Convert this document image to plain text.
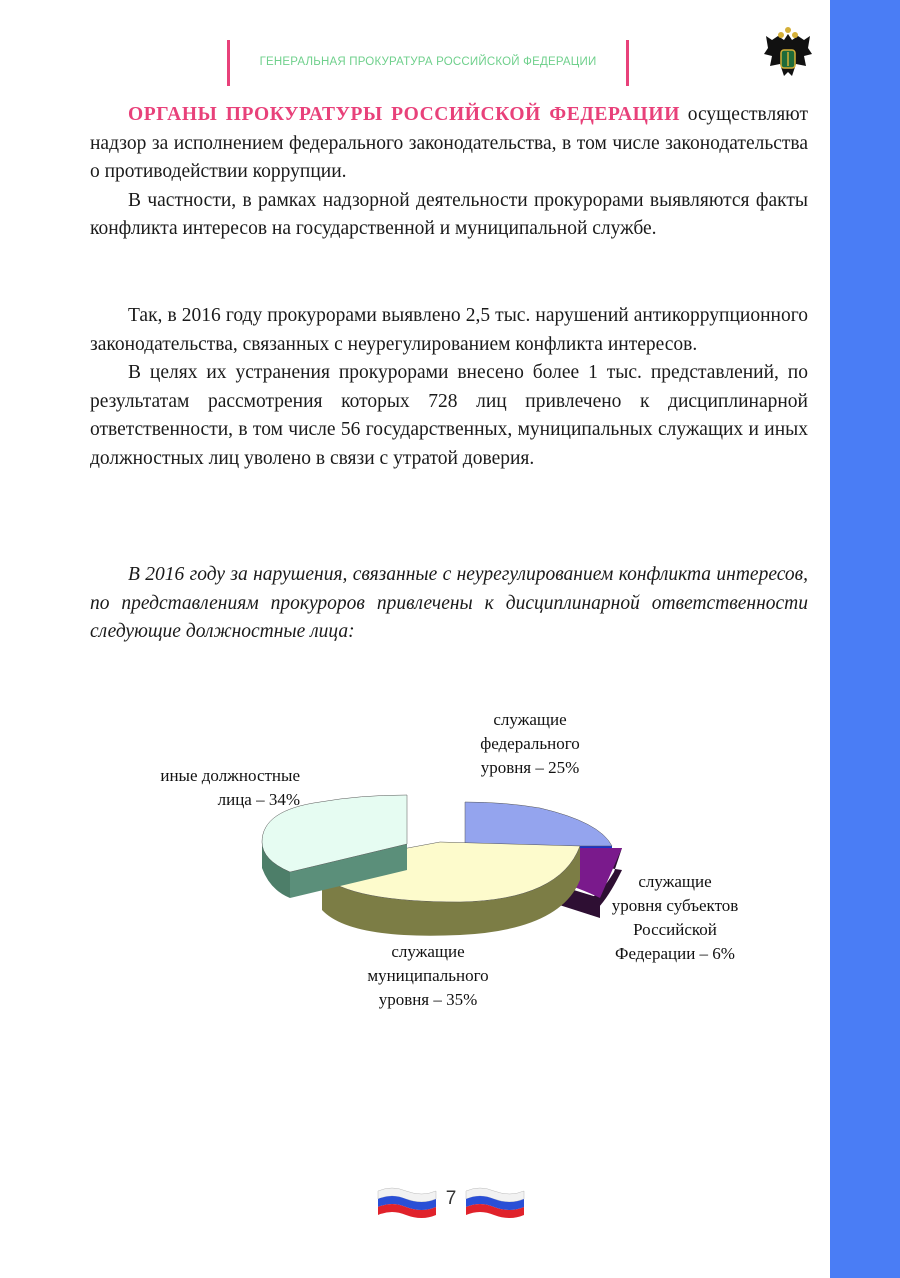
ГЕНЕРАЛЬНАЯ ПРОКУРАТУРА РОССИЙСКОЙ ФЕДЕРАЦИИ

ОРГАНЫ ПРОКУРАТУРЫ РОССИЙСКОЙ ФЕДЕРАЦИИ осуществляют надзор за исполнением федерального законодательства, в том числе законодательства о противодействии коррупции.

В частности, в рамках надзорной деятельности прокурорами выявляются факты конфликта интересов на государственной и муниципальной службе.

Так, в 2016 году прокурорами выявлено 2,5 тыс. нарушений антикоррупционного законодательства, связанных с неурегулированием конфликта интересов.

В целях их устранения прокурорами внесено более 1 тыс. представлений, по результатам рассмотрения которых 728 лиц привлечено к дисциплинарной ответственности, в том числе 56 государственных, муниципальных служащих и иных должностных лиц уволено в связи с утратой доверия.

В 2016 году за нарушения, связанные с неурегулированием конфликта интересов, по представлениям прокуроров привлечены к дисциплинарной ответственности следующие должностные лица:

служащие
федерального
уровня – 25%
иные должностные
лица – 34%
служащие
уровня субъектов
Российской
Федерации – 6%
служащие
муниципального
уровня – 35%
7
